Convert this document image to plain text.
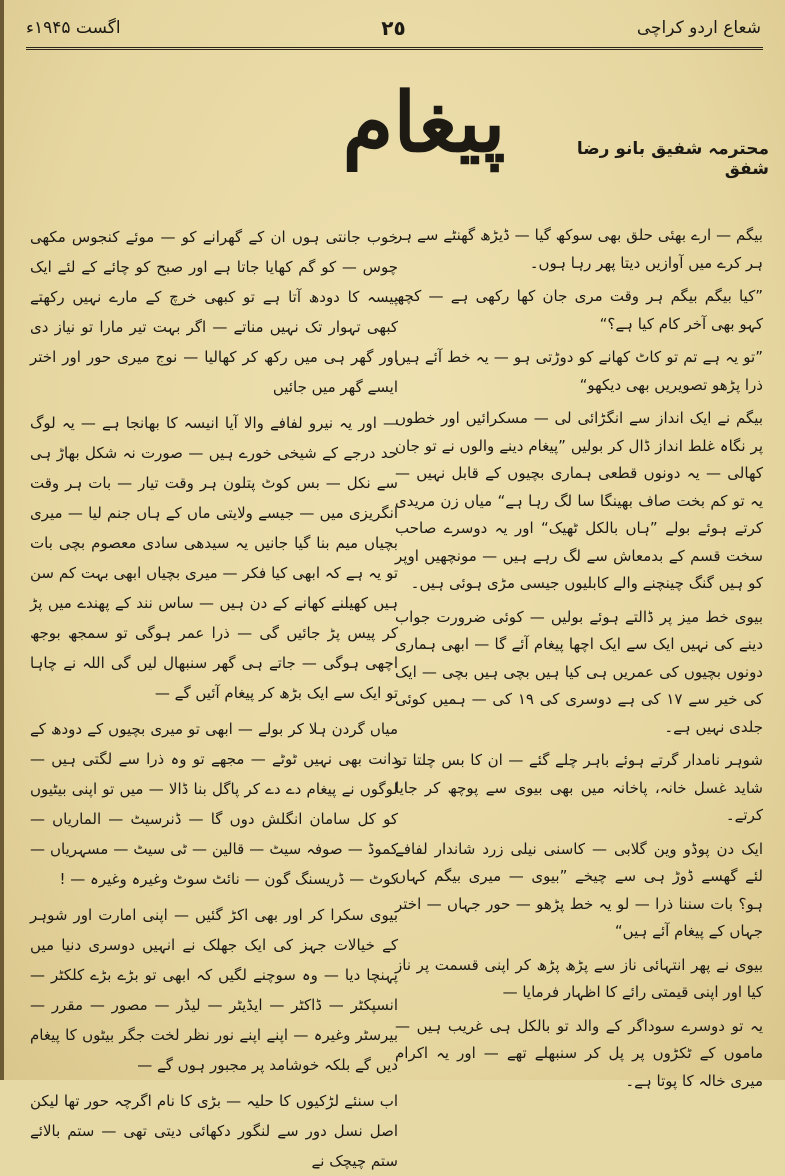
شعاع اردو کراچی
٢٥
اگست ۱۹۴۵ء
پیغام	محترمہ شفیق بانو رضا شفق

بیگم — ارے بھئی حلق بھی سوکھ گیا — ڈیڑھ گھنٹے سے ہر ہر کرے میں آوازیں دیتا پھر رہا ہوں۔

”کیا بیگم بیگم ہر وقت مری جان کھا رکھی ہے — کچھ کہو بھی آخر کام کیا ہے؟“

”تو یہ ہے تم تو کاٹ کھانے کو دوڑتی ہو — یہ خط آئے ہیں ذرا پڑھو تصویریں بھی دیکھو“

بیگم نے ایک انداز سے انگڑائی لی — مسکرائیں اور خطوں پر نگاہ غلط انداز ڈال کر بولیں ”پیغام دینے والوں نے تو جان کھالی — یہ دونوں قطعی ہماری بچیوں کے قابل نہیں — یہ تو کم بخت صاف بھینگا سا لگ رہا ہے“ میاں زن مریدی کرتے ہوئے بولے ”ہاں بالکل ٹھیک“ اور یہ دوسرے صاحب سخت قسم کے بدمعاش سے لگ رہے ہیں — مونچھیں اوپر کو ہیں گنگ چینچنے والے کابلیوں جیسی مڑی ہوئی ہیں۔

بیوی خط میز پر ڈالتے ہوئے بولیں — کوئی ضرورت جواب دینے کی نہیں ایک سے ایک اچھا پیغام آئے گا — ابھی ہماری دونوں بچیوں کی عمریں ہی کیا ہیں بچی ہیں بچی — ایک کی خیر سے ۱۷ کی ہے دوسری کی ۱۹ کی — ہمیں کوئی جلدی نہیں ہے۔

شوہر نامدار گرتے ہوئے باہر چلے گئے — ان کا بس چلتا تو شاید غسل خانہ، پاخانہ میں بھی بیوی سے پوچھ کر جایا کرتے۔

ایک دن پوڈو وین گلابی — کاسنی نیلی زرد شاندار لفافے لئے گھسے ڈوڑ ہی سے چیخے ”بیوی — میری بیگم کہاں ہو؟ بات سننا ذرا — لو یہ خط پڑھو — حور جہاں — اختر جہاں کے پیغام آئے ہیں“

بیوی نے پھر انتہائی ناز سے پڑھ پڑھ کر اپنی قسمت پر ناز کیا اور اپنی قیمتی رائے کا اظہار فرمایا —

یہ تو دوسرے سوداگر کے والد تو بالکل ہی غریب ہیں — ماموں کے ٹکڑوں پر پل کر سنبھلے تھے — اور یہ اکرام میری خالہ کا پوتا ہے۔

خوب جانتی ہوں ان کے گھرانے کو — موئے کنجوس مکھی چوس — کو گم کھایا جاتا ہے اور صبح کو چائے کے لئے ایک پیسہ کا دودھ آتا ہے تو کبھی خرچ کے مارے نہیں رکھتے کبھی تہوار تک نہیں مناتے — اگر بہت تیر مارا تو نیاز دی اور گھر ہی میں رکھ کر کھالیا — نوج میری حور اور اختر ایسے گھر میں جائیں

— اور یہ نیرو لفافے والا آیا انیسہ کا بھانجا ہے — یہ لوگ حد درجے کے شیخی خورے ہیں — صورت نہ شکل بھاڑ ہی سے نکل — بس کوٹ پتلون ہر وقت تیار — بات ہر وقت انگریزی میں — جیسے ولایتی ماں کے ہاں جنم لیا — میری بچیاں میم بنا گیا جانیں یہ سیدھی سادی معصوم بچی بات تو یہ ہے کہ ابھی کیا فکر — میری بچیاں ابھی بہت کم سن ہیں کھیلنے کھانے کے دن ہیں — ساس نند کے پھندے میں پڑ کر پیس پڑ جائیں گی — ذرا عمر ہوگی تو سمجھ بوجھ اچھی ہوگی — جاتے ہی گھر سنبھال لیں گی اللہ نے چاہا تو ایک سے ایک بڑھ کر پیغام آئیں گے —

میاں گردن ہلا کر بولے — ابھی تو میری بچیوں کے دودھ کے دانت بھی نہیں ٹوٹے — مجھے تو وہ ذرا سے لگتی ہیں — لوگوں نے پیغام دے دے کر پاگل بنا ڈالا — میں تو اپنی بیٹیوں کو کل سامان انگلش دوں گا — ڈنرسیٹ — الماریاں — کموڈ — صوفہ سیٹ — قالین — ٹی سیٹ — مسہریاں — کوٹ — ڈریسنگ گون — نائٹ سوٹ وغیرہ وغیرہ — !

بیوی سکرا کر اور بھی اکڑ گئیں — اپنی امارت اور شوہر کے خیالات جہز کی ایک جھلک نے انہیں دوسری دنیا میں پہنچا دیا — وہ سوچنے لگیں کہ ابھی تو بڑے بڑے کلکٹر — انسپکٹر — ڈاکٹر — ایڈیٹر — لیڈر — مصور — مقرر — بیرسٹر وغیرہ — اپنے اپنے نور نظر لخت جگر بیٹوں کا پیغام دیں گے بلکہ خوشامد پر مجبور ہوں گے —

اب سنئے لڑکیوں کا حلیہ — بڑی کا نام اگرچہ حور تھا لیکن اصل نسل دور سے لنگور دکھائی دیتی تھی — ستم بالائے ستم چیچک نے
